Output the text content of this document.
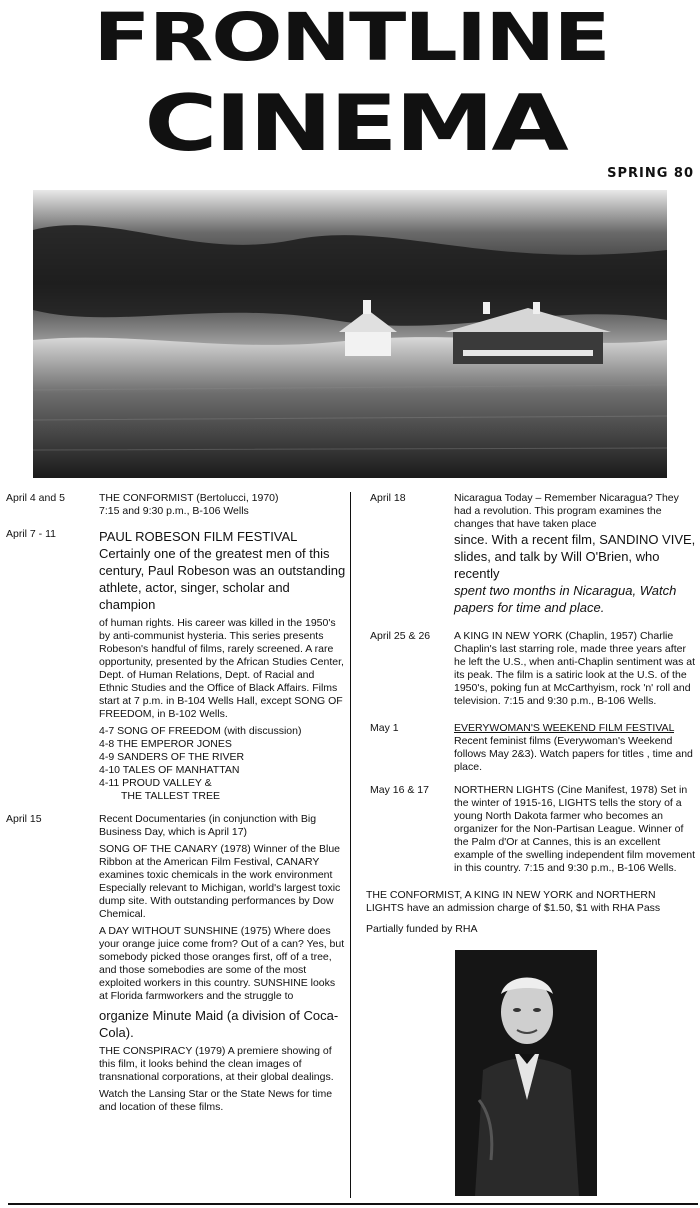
FRONTLINE
CINEMA
SPRING 80
April 4 and 5	THE CONFORMIST (Bertolucci, 1970)
7:15 and 9:30 p.m., B-106 Wells
April 7 - 11	PAUL ROBESON FILM FESTIVAL Certainly one of the greatest men of this century, Paul Robeson was an outstanding athlete, actor, singer, scholar and champion

of human rights. His career was killed in the 1950's by anti-communist hysteria. This series presents Robeson's handful of films, rarely screened. A rare opportunity, presented by the African Studies Center, Dept. of Human Relations, Dept. of Racial and Ethnic Studies and the Office of Black Affairs. Films start at 7 p.m. in B-104 Wells Hall, except SONG OF FREEDOM, in B-102 Wells.

4-7 SONG OF FREEDOM (with discussion)
4-8 THE EMPEROR JONES
4-9 SANDERS OF THE RIVER
4-10 TALES OF MANHATTAN
4-11 PROUD VALLEY &
THE TALLEST TREE
April 15	Recent Documentaries (in conjunction with Big Business Day, which is April 17)

SONG OF THE CANARY (1978) Winner of the Blue Ribbon at the American Film Festival, CANARY examines toxic chemicals in the work environment Especially relevant to Michigan, world's largest toxic dump site. With outstanding performances by Dow Chemical.

A DAY WITHOUT SUNSHINE (1975) Where does your orange juice come from? Out of a can? Yes, but somebody picked those oranges first, off of a tree, and those somebodies are some of the most exploited workers in this country. SUNSHINE looks at Florida farmworkers and the struggle to

organize Minute Maid (a division of Coca-Cola).

THE CONSPIRACY (1979) A premiere showing of this film, it looks behind the clean images of transnational corporations, at their global dealings.

Watch the Lansing Star or the State News for time and location of these films.

April 18	Nicaragua Today – Remember Nicaragua? They had a revolution. This program examines the changes that have taken place

since. With a recent film, SANDINO VIVE, slides, and talk by Will O'Brien, who recently

spent two months in Nicaragua, Watch papers for time and place.

April 25 & 26	A KING IN NEW YORK (Chaplin, 1957) Charlie Chaplin's last starring role, made three years after he left the U.S., when anti-Chaplin sentiment was at its peak. The film is a satiric look at the U.S. of the 1950's, poking fun at McCarthyism, rock 'n' roll and television. 7:15 and 9:30 p.m., B-106 Wells.

May 1	EVERYWOMAN'S WEEKEND FILM FESTIVAL Recent feminist films (Everywoman's Weekend follows May 2&3). Watch papers for titles , time and place.

May 16 & 17	NORTHERN LIGHTS (Cine Manifest, 1978) Set in the winter of 1915-16, LIGHTS tells the story of a young North Dakota farmer who becomes an organizer for the Non-Partisan League. Winner of the Palm d'Or at Cannes, this is an excellent example of the swelling independent film movement in this country. 7:15 and 9:30 p.m., B-106 Wells.

THE CONFORMIST, A KING IN NEW YORK and NORTHERN LIGHTS have an admission charge of $1.50, $1 with RHA Pass

Partially funded by RHA
